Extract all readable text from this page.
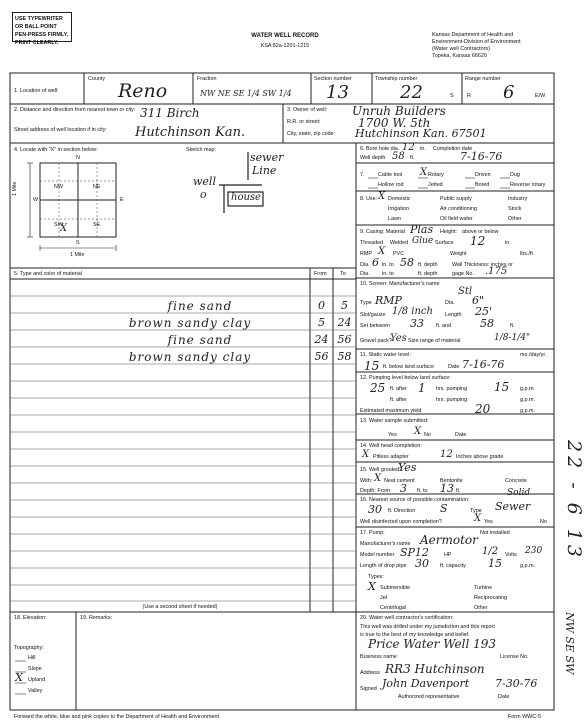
USE TYPEWRITER OR BALL POINT PEN-PRESS FIRMLY, PRINT CLEARLY.
WATER WELL RECORD
KSA 82a-1201-1215
Kansas Department of Health and
Environment-Division of Environment
(Water well Contractors)
Topeka, Kansas 66620
1. Location of well:
County
Reno
Fraction
NW NE SE 1/4 SW 1/4
Section number
13
Township number
22	S
Range number
R 6	E/W
2. Distance and direction from nearest town or city: 311 Birch
Street address of well location if in city: Hutchinson Kan.
3. Owner of well: Unruh Builders
R.R. or street:	1700 W. 5th
City, state, zip code: Hutchinson Kan. 67501
4. Locate with "X" in section below:	Sketch map:
N
S
E
W
NW	NE
SW	SE
X
1 Mile
1 Mile
sewer
Line
well
o house
5. Type and color of material	From To
fine sand	0	5
brown sandy clay	5	24
fine sand	24 56
brown sandy clay	56 58
(Use a second sheet if needed)
6. Bore hole dia. 12 in. Completion date
Well depth 58 ft.	7-16-76
7.	Cable tool X Rotary	Driven	Dug
Hollow rod	Jetted	Bored	Reverse rotary
8. Use: X Domestic	Public supply	Industry
Irrigation	Air conditioning	Stock
Lawn	Oil field water	Other
9. Casing: Material Plas Height: above or below
Threaded Welded Glue Surface 12	in.
RMP X PVC	Weight	lbs./ft.
Dia. 6 in. to 58 ft. depth	Wall Thickness: inches or
Dia. in. to	ft. depth	gage No. .175
10. Screen: Manufacturer's name
Stl
Type RMP	Dia. 6"
Slot/gauze 1/8 inch Length 25'
Set between 33 ft. and	58	ft.
Gravel pack?
Yes Size range of material	1/8-1/4"
11. Static water level:	mo./day/yr.
15 ft. below land surface	Date 7-16-76
12. Pumping level below land surface:
25 ft. after 1 hrs. pumping 15 g.p.m.
ft. after	hrs. pumping	g.p.m.
Estimated maximum yield	20	g.p.m.
13. Water sample submitted:
Yes X No	Date
14. Well head completion:
X Pitless adapter	12 Inches above grade
15. Well grouted?
Yes
With: X Neat cement	Bentonite	Concrete
Depth: From 3 ft. to 13 ft.
16. Nearest source of possible contamination:
Solid
30 ft. Direction S	Type Sewer
Well disinfected upon completion?	X Yes	No
17. Pump:	Not installed
Manufacturer's name Aermotor
Model number SP12	HP	1/2 Volts 230
Length of drop pipe 30 ft. capacity 15	g.p.m.
Types:
X Submersible	Turbine
Jet	Reciprocating
Centrifugal	Other
18. Elevation:
Topography:
Hill
Slope
X Upland
Valley
19. Remarks:	20. Water well contractor's certification:
This well was drilled under my jurisdiction and this report
is true to the best of my knowledge and belief.
Price Water Well 193
Business name	License No.
Address RR3 Hutchinson
Signed John Davenport 7-30-76
Authorized representative	Date
22 - 6 13
NW SE SW
Forward the white, blue and pink copies to the Department of Health and Environment	Form WWC-5
